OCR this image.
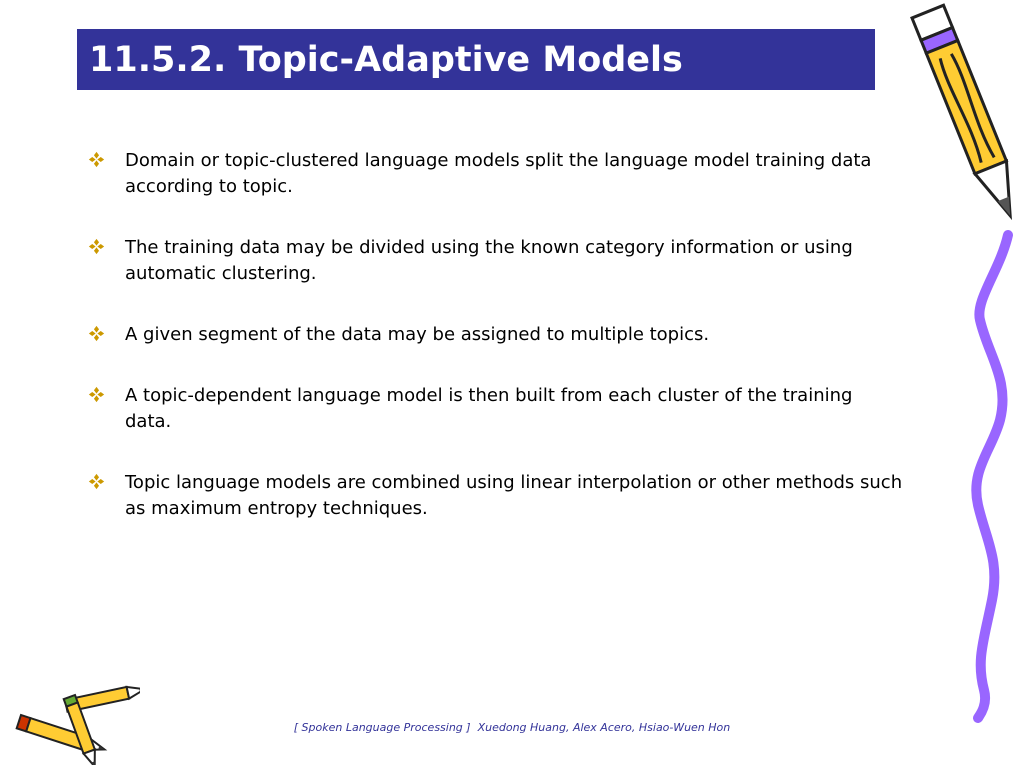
11.5.2. Topic-Adaptive Models
Domain or topic-clustered language models split the language model training data according to topic.
The training data may be divided using the known category information or using automatic clustering.
A given segment of the data may be assigned to multiple topics.
A topic-dependent language model is then built from each cluster of the training data.
Topic language models are combined using linear interpolation or other methods such as maximum entropy techniques.
[ Spoken Language Processing ]  Xuedong Huang, Alex Acero, Hsiao-Wuen Hon
